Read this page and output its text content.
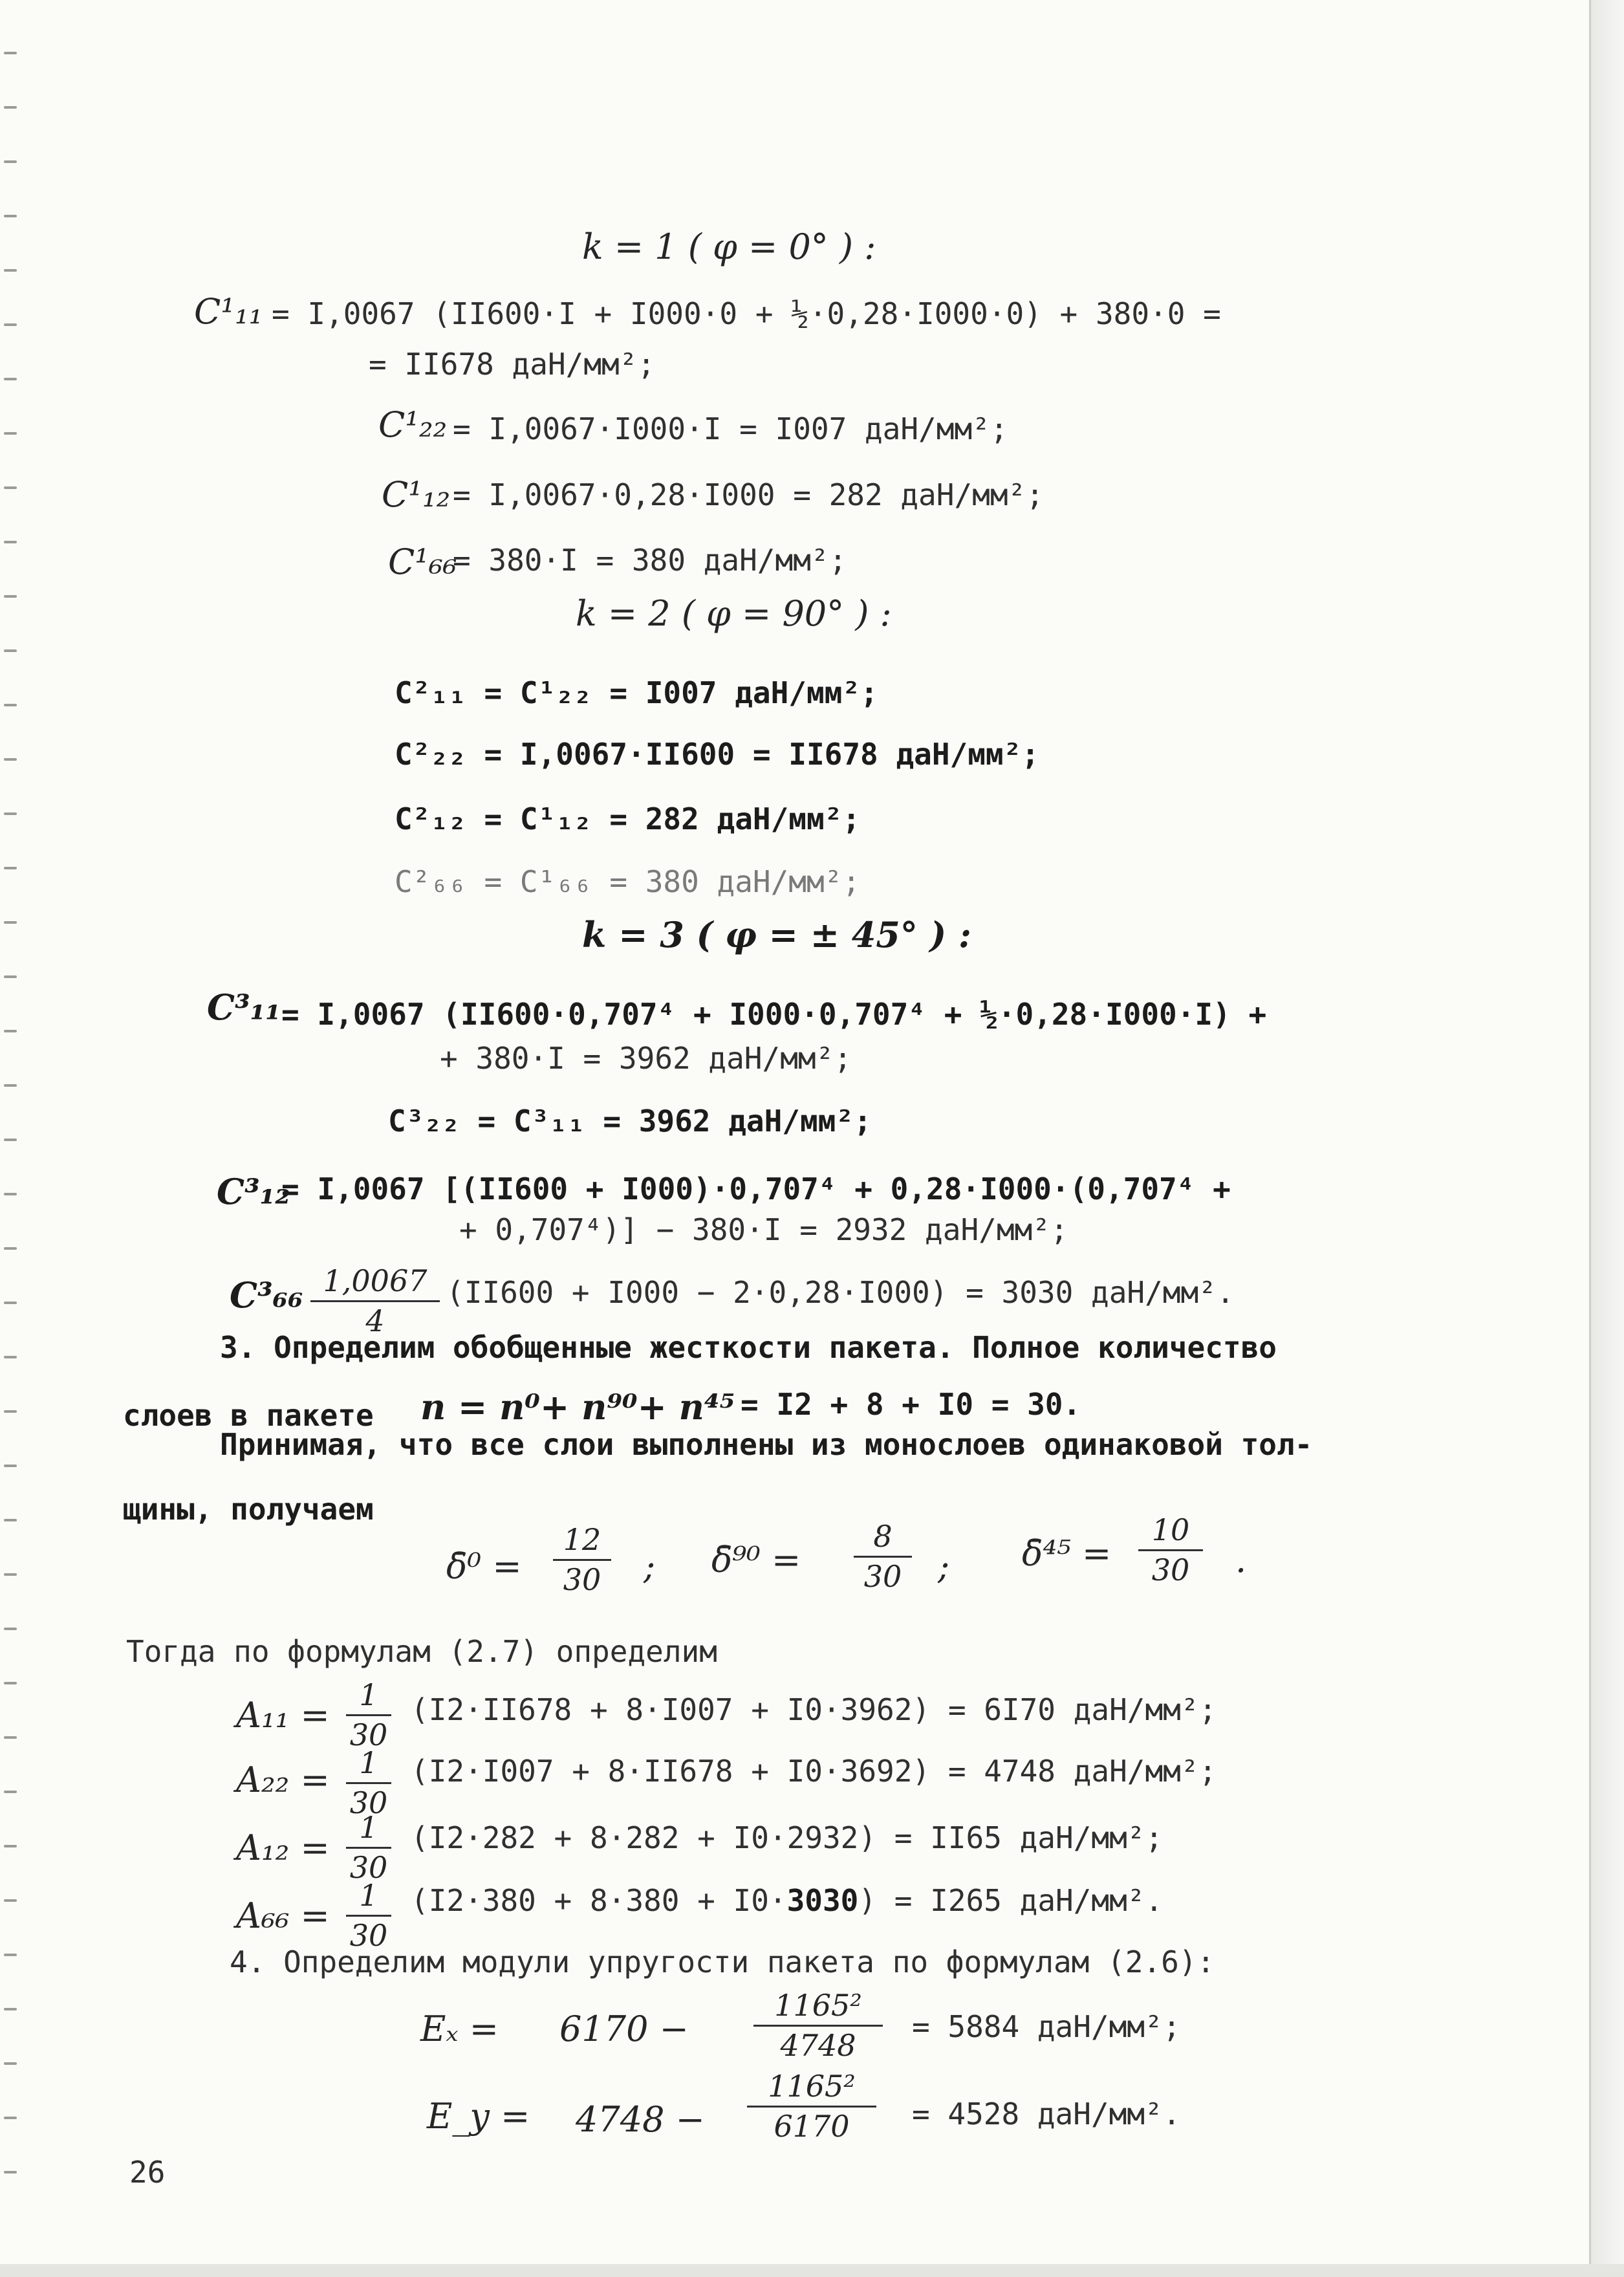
k = 1 ( φ = 0° ) :
C¹₁₁ = I,0067 (II600·I + I000·0 + ½·0,28·I000·0) + 380·0 =
= II678 даН/мм²;
C¹₂₂ = I,0067·I000·I = I007 даН/мм²;
C¹₁₂ = I,0067·0,28·I000 = 282 даН/мм²;
C¹₆₆
= 380·I = 380 даН/мм²;
k = 2 ( φ = 90° ) :
C²₁₁ = C¹₂₂ = I007 даН/мм²;
C²₂₂ = I,0067·II600 = II678 даН/мм²;
C²₁₂ = C¹₁₂ = 282 даН/мм²;
C²₆₆ = C¹₆₆ = 380 даН/мм²;
k = 3 ( φ = ± 45° ) :
C³₁₁ = I,0067 (II600·0,707⁴ + I000·0,707⁴ + ½·0,28·I000·I) +
+ 380·I = 3962 даН/мм²;
C³₂₂ = C³₁₁ = 3962 даН/мм²;
C³₁₂
= I,0067 [(II600 + I000)·0,707⁴ + 0,28·I000·(0,707⁴ +
+ 0,707⁴)] − 380·I = 2932 даН/мм²;
C³₆₆ 1,0067
4
(II600 + I000 − 2·0,28·I000) = 3030 даН/мм².
3. Определим обобщенные жесткости пакета. Полное количество
слоев в пакете n = n⁰+ n⁹⁰+ n⁴⁵ = I2 + 8 + I0 = 30.
Принимая, что все слои выполнены из монослоев одинаковой тол-
щины, получаем
δ̄⁰ =
12
30 ; δ̄⁹⁰ =
8
30 ; δ̄⁴⁵ =
10
30	.
Тогда по формулам (2.7) определим
A₁₁ = 1
30
(I2·II678 + 8·I007 + I0·3962) = 6I70 даН/мм²;
A₂₂ = 1
30
(I2·I007 + 8·II678 + I0·3692) = 4748 даН/мм²;
A₁₂ = 1
30
(I2·282 + 8·282 + I0·2932) = II65 даН/мм²;
A₆₆ = 1
30
(I2·380 + 8·380 + I0·3030) = I265 даН/мм².
4. Определим модули упругости пакета по формулам (2.6):
Eₓ = 6170 −
1165²
4748
= 5884 даН/мм²;
E_y = 4748 −
1165²
6170	= 4528 даН/мм².
26
